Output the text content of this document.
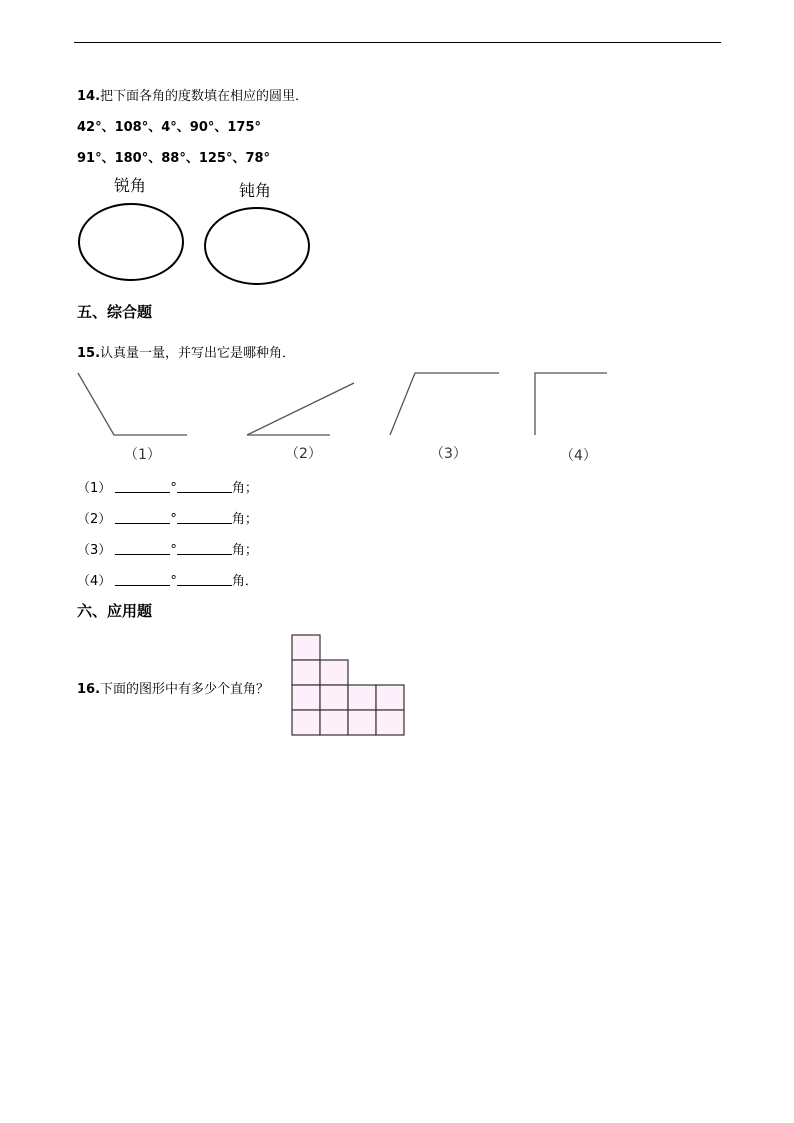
14.把下面各角的度数填在相应的圆里．
42°、108°、4°、90°、175°
91°、180°、88°、125°、78°
锐角	钝角
五、综合题
15.认真量一量，并写出它是哪种角．
（1）	（2）	（3）	（4）
（1）	°	角；
（2）	°	角；
（3）	°	角；
（4）	°	角．
六、应用题
16.下面的图形中有多少个直角？
